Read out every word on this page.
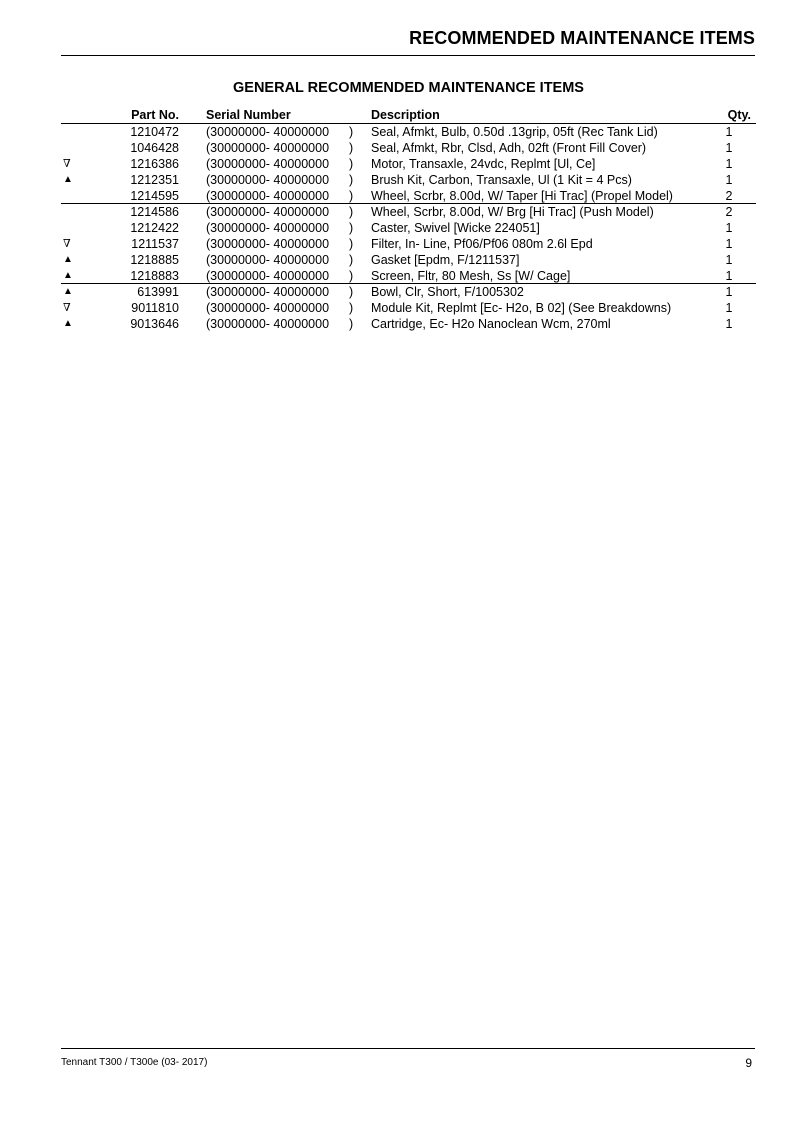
RECOMMENDED MAINTENANCE ITEMS
GENERAL RECOMMENDED MAINTENANCE ITEMS
Part No. Serial Number	Description	Qty.
1210472 (30000000- 40000000 ) Seal, Afmkt, Bulb, 0.50d .13grip, 05ft (Rec Tank Lid)	1
1046428 (30000000- 40000000 ) Seal, Afmkt, Rbr, Clsd, Adh, 02ft (Front Fill Cover)	1
∇	1216386 (30000000- 40000000 ) Motor, Transaxle, 24vdc, Replmt [Ul, Ce]	1
▲	1212351 (30000000- 40000000 ) Brush Kit, Carbon, Transaxle, Ul (1 Kit = 4 Pcs)	1
1214595 (30000000- 40000000 ) Wheel, Scrbr, 8.00d, W/ Taper [Hi Trac] (Propel Model)	2
1214586 (30000000- 40000000 ) Wheel, Scrbr, 8.00d, W/ Brg [Hi Trac] (Push Model)	2
1212422 (30000000- 40000000 ) Caster, Swivel [Wicke 224051]	1
∇	1211537 (30000000- 40000000 ) Filter, In- Line, Pf06/Pf06 080m 2.6l Epd	1
▲	1218885 (30000000- 40000000 ) Gasket [Epdm, F/1211537]	1
▲	1218883 (30000000- 40000000 ) Screen, Fltr, 80 Mesh, Ss [W/ Cage]	1
▲	613991 (30000000- 40000000 ) Bowl, Clr, Short, F/1005302	1
∇	9011810 (30000000- 40000000 ) Module Kit, Replmt [Ec- H2o, B 02] (See Breakdowns)	1
▲	9013646 (30000000- 40000000 ) Cartridge, Ec- H2o Nanoclean Wcm, 270ml	1
Tennant T300 / T300e (03- 2017)	9
